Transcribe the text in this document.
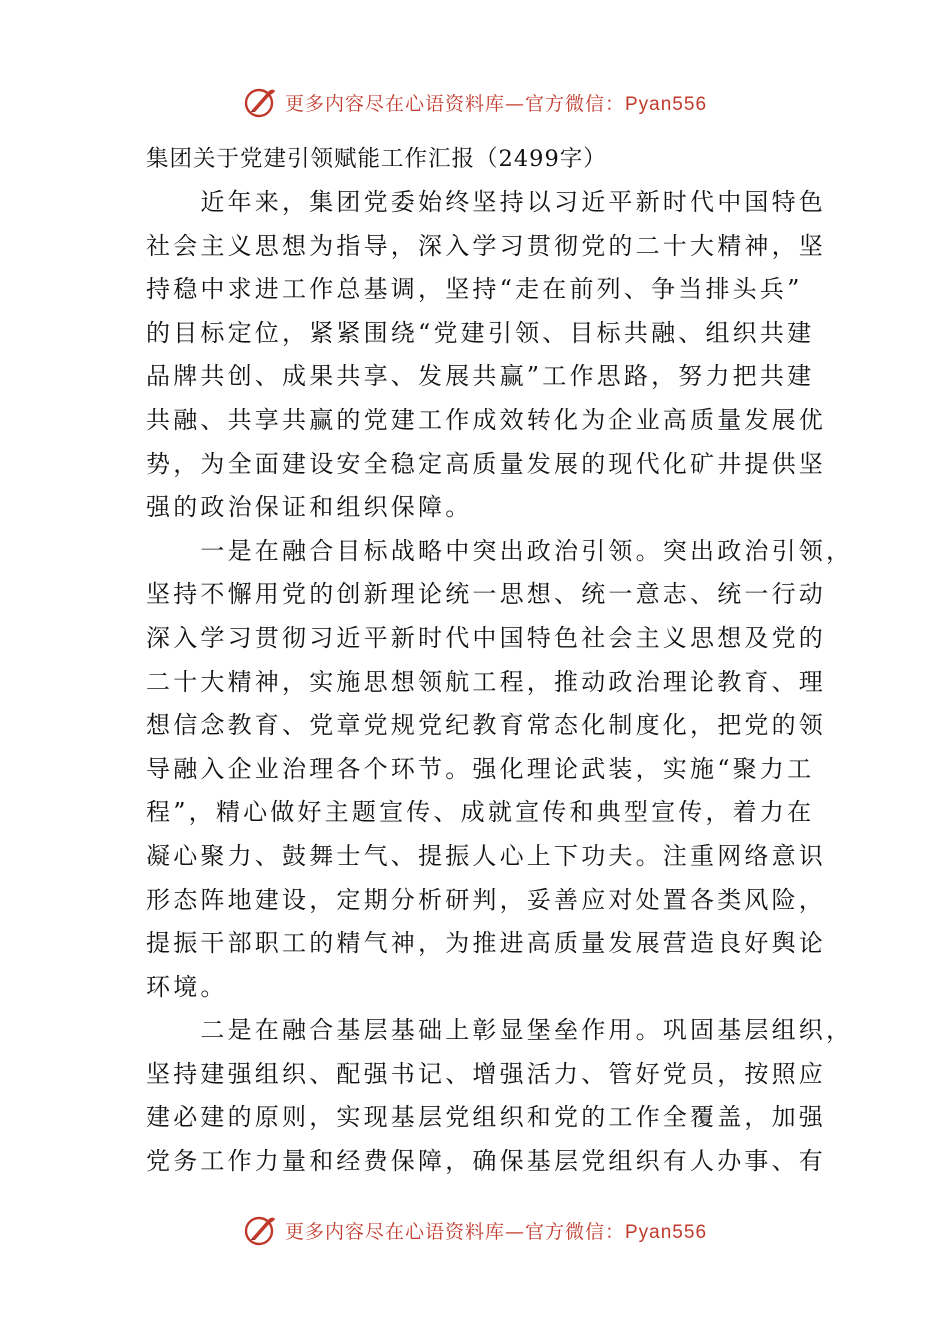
更多内容尽在心语资料库—官方微信：Pyan556
集团关于党建引领赋能工作汇报（2499字）

　　近年来，集团党委始终坚持以习近平新时代中国特色
社会主义思想为指导，深入学习贯彻党的二十大精神，坚
持稳中求进工作总基调，坚持“走在前列、争当排头兵”
的目标定位，紧紧围绕“党建引领、目标共融、组织共建
品牌共创、成果共享、发展共赢”工作思路，努力把共建
共融、共享共赢的党建工作成效转化为企业高质量发展优
势，为全面建设安全稳定高质量发展的现代化矿井提供坚
强的政治保证和组织保障。

　　一是在融合目标战略中突出政治引领。突出政治引领，
坚持不懈用党的创新理论统一思想、统一意志、统一行动
深入学习贯彻习近平新时代中国特色社会主义思想及党的
二十大精神，实施思想领航工程，推动政治理论教育、理
想信念教育、党章党规党纪教育常态化制度化，把党的领
导融入企业治理各个环节。强化理论武装，实施“聚力工
程”，精心做好主题宣传、成就宣传和典型宣传，着力在
凝心聚力、鼓舞士气、提振人心上下功夫。注重网络意识
形态阵地建设，定期分析研判，妥善应对处置各类风险，
提振干部职工的精气神，为推进高质量发展营造良好舆论
环境。

　　二是在融合基层基础上彰显堡垒作用。巩固基层组织，
坚持建强组织、配强书记、增强活力、管好党员，按照应
建必建的原则，实现基层党组织和党的工作全覆盖，加强
党务工作力量和经费保障，确保基层党组织有人办事、有

更多内容尽在心语资料库—官方微信：Pyan556
